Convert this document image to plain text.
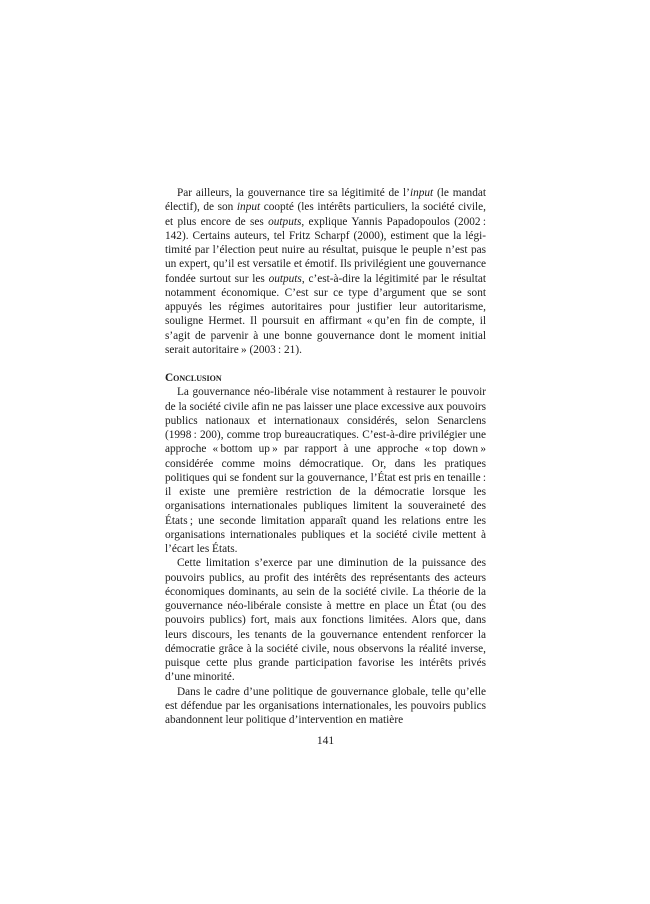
Par ailleurs, la gouvernance tire sa légitimité de l’input (le mandat électif), de son input coopté (les intérêts particuliers, la société civile, et plus encore de ses outputs, explique Yannis Papadopoulos (2002 : 142). Certains auteurs, tel Fritz Scharpf (2000), estiment que la légitimité par l’élection peut nuire au résultat, puisque le peuple n’est pas un expert, qu’il est versatile et émotif. Ils privilégient une gouvernance fondée surtout sur les outputs, c’est-à-dire la légitimité par le résultat notamment économique. C’est sur ce type d’argument que se sont appuyés les régimes autoritaires pour justifier leur autoritarisme, souligne Hermet. Il poursuit en affirmant « qu’en fin de compte, il s’agit de parvenir à une bonne gouvernance dont le moment initial serait autoritaire » (2003 : 21).

Conclusion

La gouvernance néo-libérale vise notamment à restaurer le pouvoir de la société civile afin ne pas laisser une place excessive aux pouvoirs publics nationaux et internationaux considérés, selon Senarclens (1998 : 200), comme trop bureaucratiques. C’est-à-dire privilégier une approche « bottom up » par rapport à une approche « top down » considérée comme moins démocratique. Or, dans les pratiques politiques qui se fondent sur la gouvernance, l’État est pris en tenaille : il existe une première restriction de la démocratie lorsque les organisations internationales publiques limitent la souveraineté des États ; une seconde limitation apparaît quand les relations entre les organisations internationales publiques et la société civile mettent à l’écart les États.

Cette limitation s’exerce par une diminution de la puissance des pouvoirs publics, au profit des intérêts des représentants des acteurs économiques dominants, au sein de la société civile. La théorie de la gouvernance néo-libérale consiste à mettre en place un État (ou des pouvoirs publics) fort, mais aux fonctions limitées. Alors que, dans leurs discours, les tenants de la gouvernance entendent renforcer la démocratie grâce à la société civile, nous observons la réalité inverse, puisque cette plus grande participation favorise les intérêts privés d’une minorité.

Dans le cadre d’une politique de gouvernance globale, telle qu’elle est défendue par les organisations internationales, les pouvoirs publics abandonnent leur politique d’intervention en matière

141
